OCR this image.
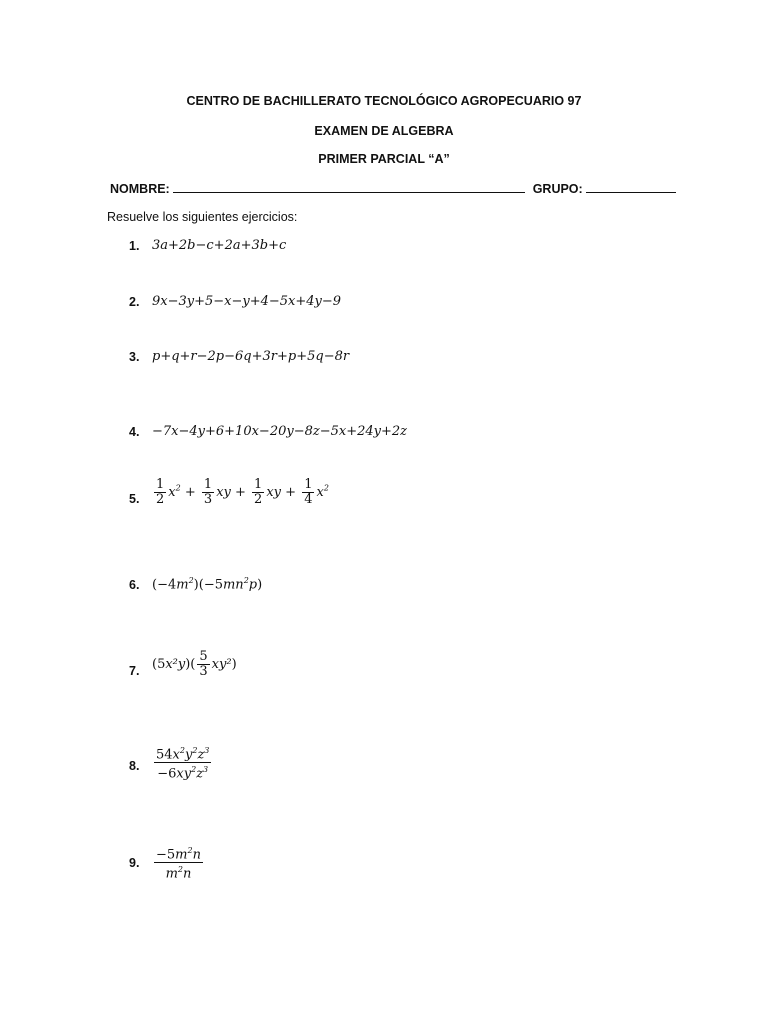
CENTRO DE BACHILLERATO TECNOLÓGICO AGROPECUARIO 97
EXAMEN DE ALGEBRA
PRIMER PARCIAL “A”
NOMBRE:	GRUPO:
Resuelve los siguientes ejercicios:
1. 3a+2b−c+2a+3b+c
2. 9x−3y+5−x−y+4−5x+4y−9
3. p+q+r−2p−6q+3r+p+5q−8r
4. −7x−4y+6+10x−20y−8z−5x+24y+2z
5. $\frac{1}{2} x^2 + \frac{1}{3}$ xy + $\frac{1}{2}$ xy + $\frac{1}{4} x^2$
6. $(-4m^2)(-5mn^2p)$
7. $(5x^2y)( \frac{5}{3} xy^2)$
8. $\frac{54x^2y^2z^3}{-6xy^2z^3}$
9. $\frac{-5m^2n}{m^2n}$
